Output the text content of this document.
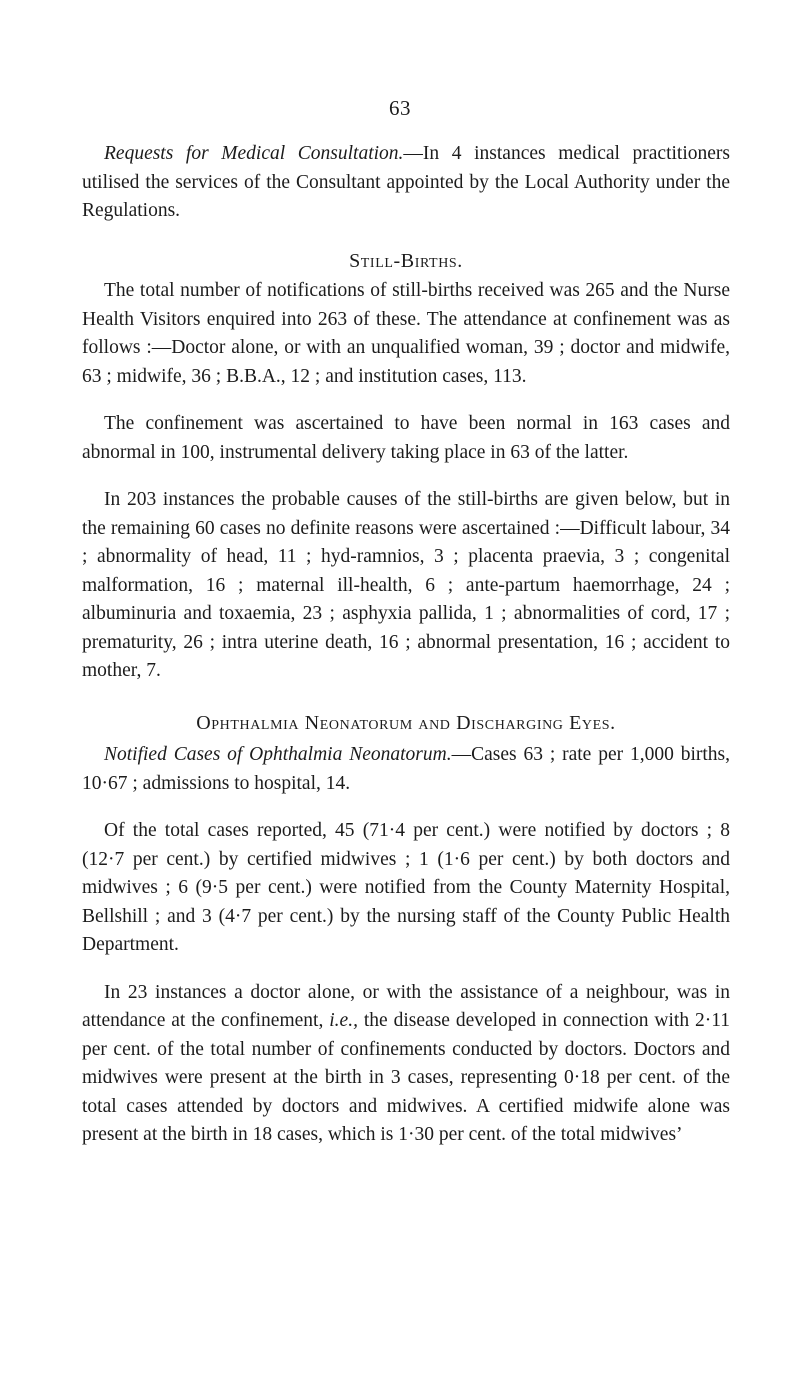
63

Requests for Medical Consultation.—In 4 instances medical practitioners utilised the services of the Consultant appointed by the Local Authority under the Regulations.

Still-Births.

The total number of notifications of still-births received was 265 and the Nurse Health Visitors enquired into 263 of these. The attendance at confinement was as follows :—Doctor alone, or with an unqualified woman, 39 ; doctor and midwife, 63 ; midwife, 36 ; B.B.A., 12 ; and institution cases, 113.

The confinement was ascertained to have been normal in 163 cases and abnormal in 100, instrumental delivery taking place in 63 of the latter.

In 203 instances the probable causes of the still-births are given below, but in the remaining 60 cases no definite reasons were ascertained :—Difficult labour, 34 ; abnormality of head, 11 ; hyd-ramnios, 3 ; placenta praevia, 3 ; congenital malformation, 16 ; maternal ill-health, 6 ; ante-partum haemorrhage, 24 ; albuminuria and toxaemia, 23 ; asphyxia pallida, 1 ; abnormalities of cord, 17 ; prematurity, 26 ; intra uterine death, 16 ; abnormal presentation, 16 ; accident to mother, 7.

Ophthalmia Neonatorum and Discharging Eyes.

Notified Cases of Ophthalmia Neonatorum.—Cases 63 ; rate per 1,000 births, 10·67 ; admissions to hospital, 14.

Of the total cases reported, 45 (71·4 per cent.) were notified by doctors ; 8 (12·7 per cent.) by certified midwives ; 1 (1·6 per cent.) by both doctors and midwives ; 6 (9·5 per cent.) were notified from the County Maternity Hospital, Bellshill ; and 3 (4·7 per cent.) by the nursing staff of the County Public Health Department.

In 23 instances a doctor alone, or with the assistance of a neighbour, was in attendance at the confinement, i.e., the disease developed in connection with 2·11 per cent. of the total number of confinements conducted by doctors. Doctors and midwives were present at the birth in 3 cases, representing 0·18 per cent. of the total cases attended by doctors and midwives. A certified midwife alone was present at the birth in 18 cases, which is 1·30 per cent. of the total midwives’
